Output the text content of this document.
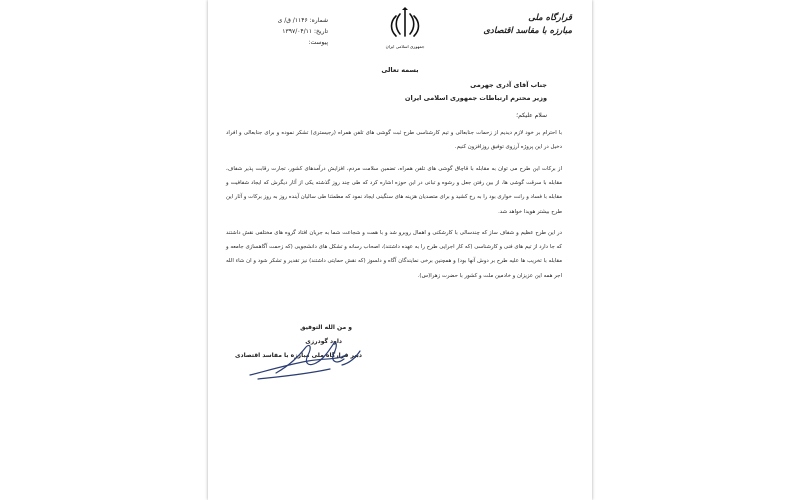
شماره: ۱۱۴۶/ ق/ ی
تاریخ: ۱۳۹۷/۰۴/۱۱
پیوست:
جمهوری اسلامی ایران
قرارگاه ملی
مبارزه با مفاسد اقتصادی
بسمه تعالی
جناب آقای آذری جهرمی
وزیر محترم ارتباطات جمهوری اسلامی ایران
سلام علیکم؛
با احترام بر خود لازم دیدیم از زحمات جنابعالی و تیم کارشناسی طرح ثبت گوشی های تلفن همراه (رجیستری) تشکر نموده و برای جنابعالی و افراد دخیل در این پروژه آرزوی توفیق روزافزون کنیم.
از برکات این طرح می توان به مقابله با قاچاق گوشی های تلفن همراه، تضمین سلامت مردم، افزایش درآمدهای کشور، تجارت رقابت پذیر شفاف، مقابله با سرقت گوشی ها، از بین رفتن جعل و رشوه و تبانی در این حوزه اشاره کرد که طی چند روز گذشته یکی از آثار دیگرش که ایجاد شفافیت و مقابله با فساد و رانت خواری بود را به رخ کشید و برای متصدیان هزینه های سنگینی ایجاد نمود که مطمئنا طی سالیان آینده روز به روز برکات و آثار این طرح بیشتر هویدا خواهد شد.
در این طرح عظیم و شفاف ساز که چندسالی با کارشکنی و اهمال روبرو شد و با همت و شجاعت شما به جریان افتاد گروه های مختلفی نقش داشتند که جا دارد از تیم های فنی و کارشناسی (که کار اجرایی طرح را به عهده داشتند)، اصحاب رسانه و تشکل های دانشجویی (که زحمت آگاهسازی جامعه و مقابله با تخریب ها علیه طرح بر دوش آنها بود) و همچنین برخی نمایندگان آگاه و دلسوز (که نقش حمایتی داشتند) نیز تقدیر و تشکر شود و ان شاء الله اجر همه این عزیزان و خادمین ملت و کشور با حضرت زهرا(س).
و من الله التوفیق
داود گودرزی
دبیر قرارگاه ملی مبارزه با مفاسد اقتصادی
